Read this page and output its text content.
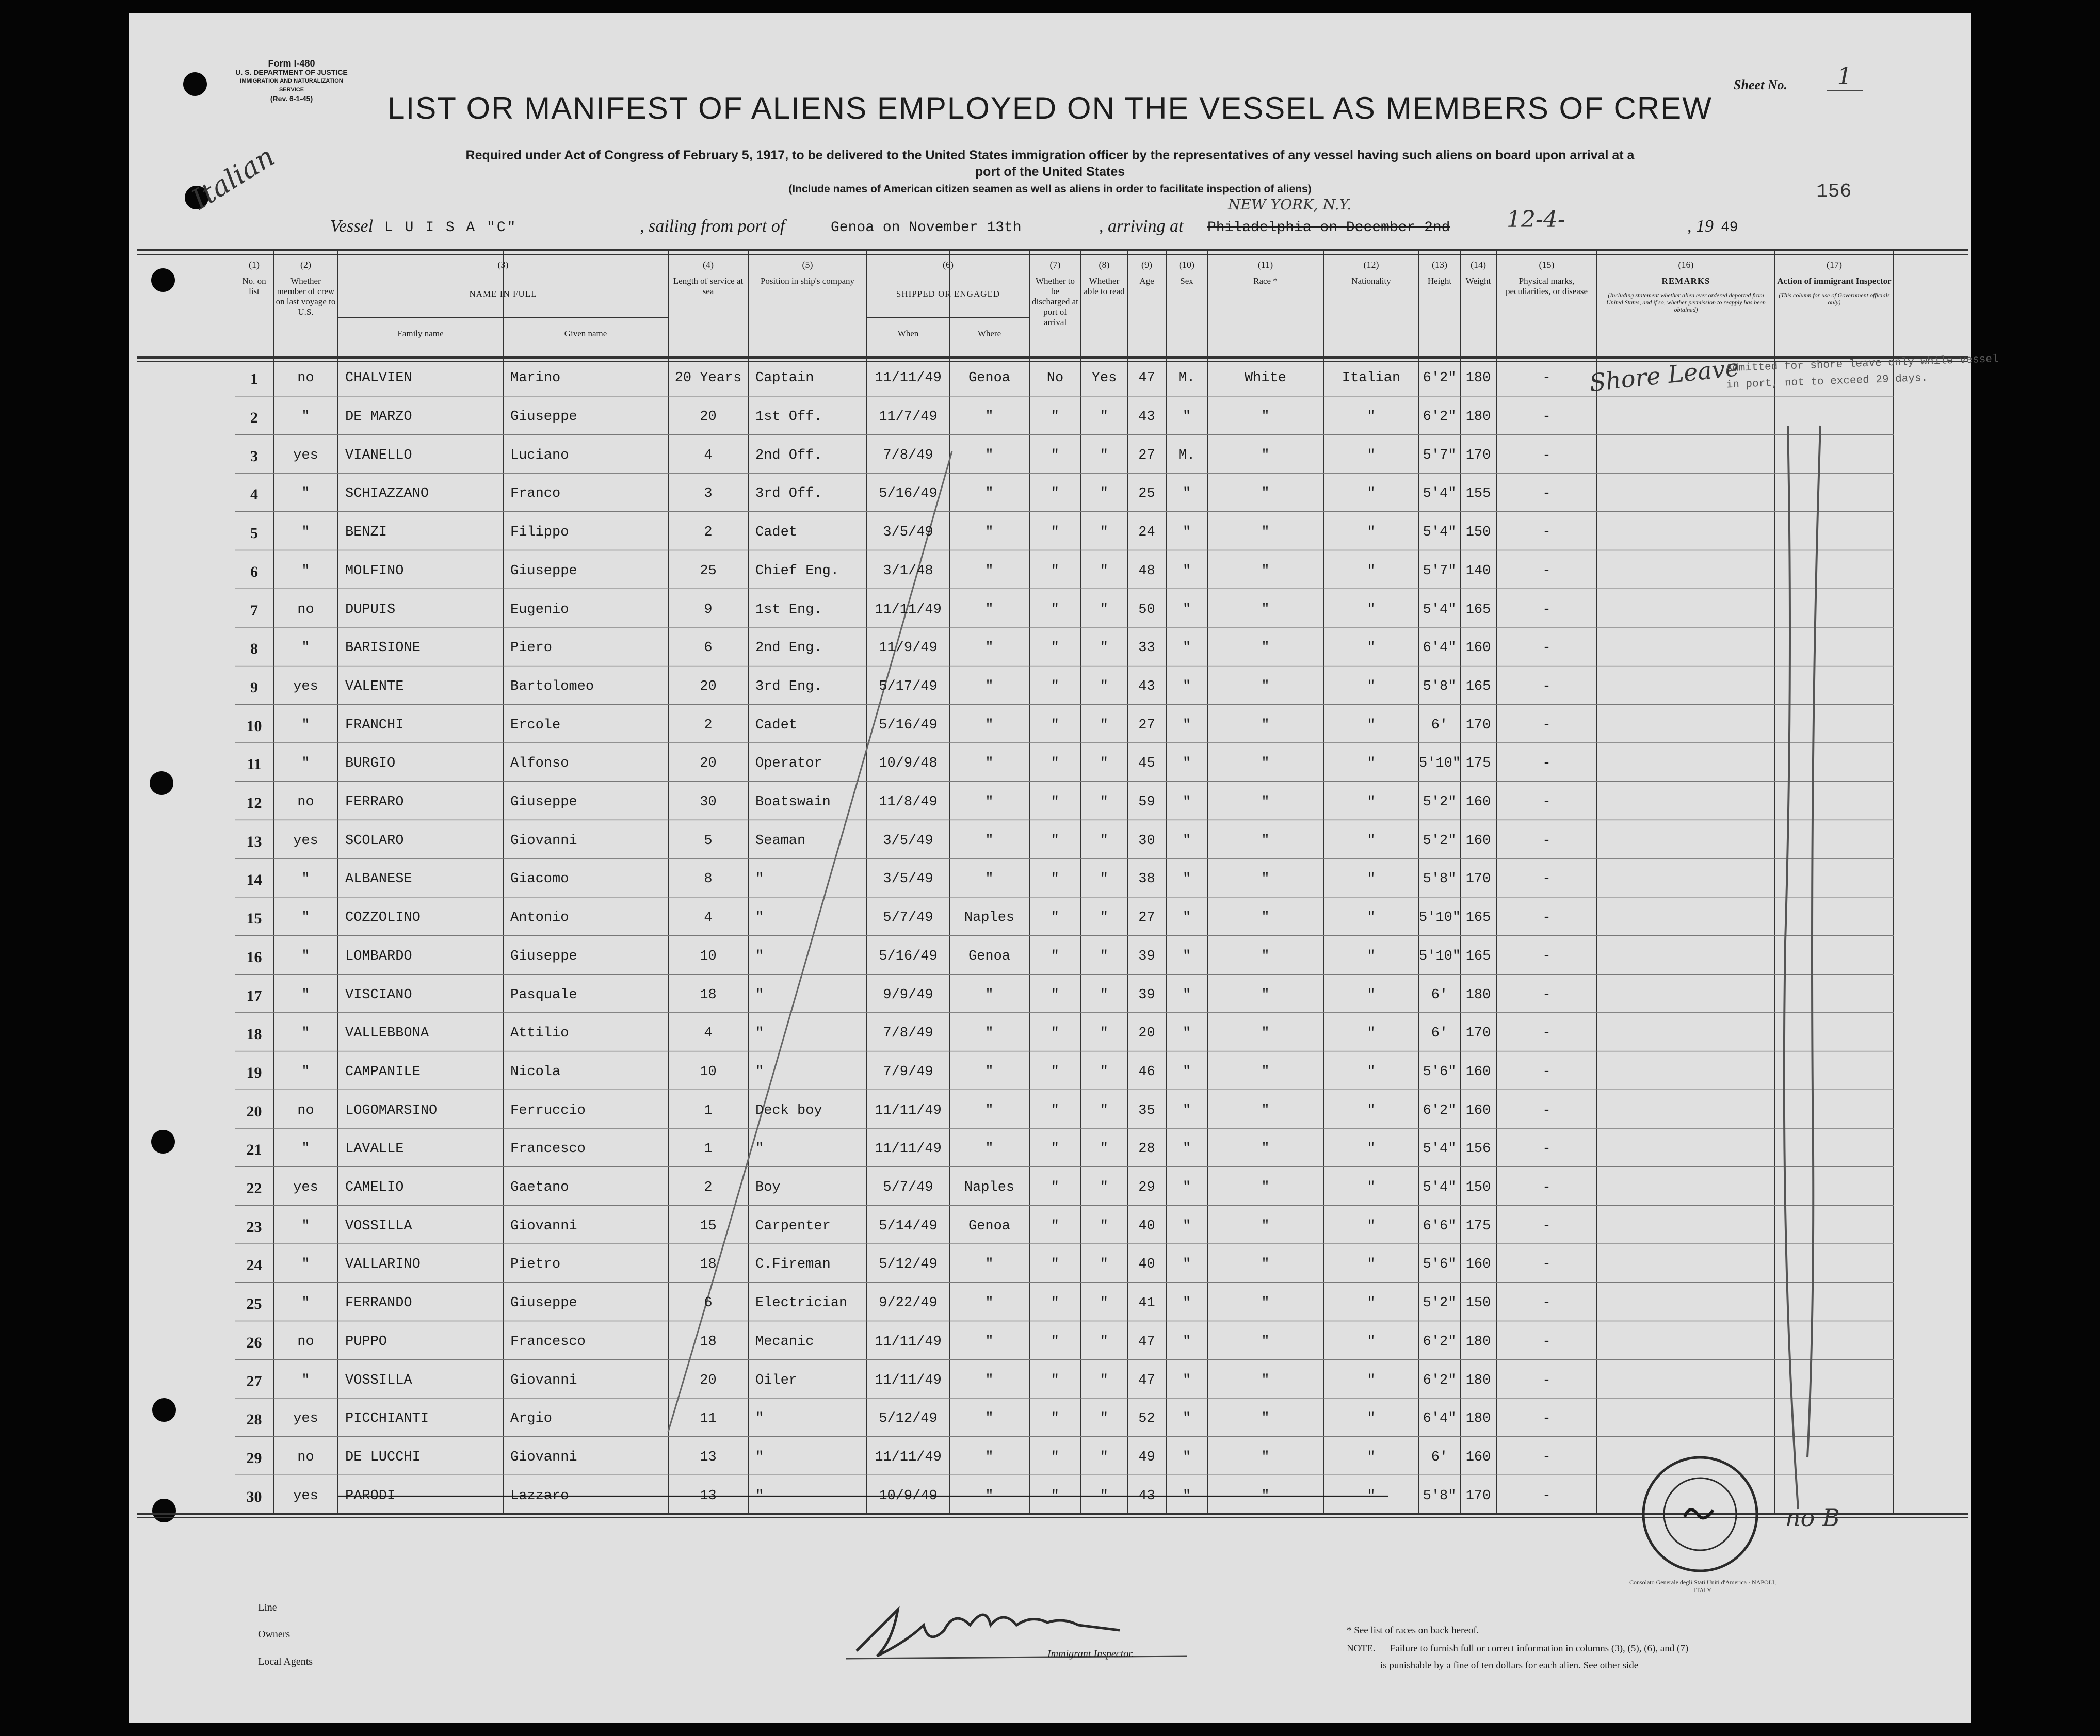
Form I-480
U. S. DEPARTMENT OF JUSTICE
IMMIGRATION AND NATURALIZATION SERVICE
(Rev. 6-1-45)
Sheet No.	1
156
Italian
LIST OR MANIFEST OF ALIENS EMPLOYED ON THE VESSEL AS MEMBERS OF CREW
Required under Act of Congress of February 5, 1917, to be delivered to the United States immigration officer by the representatives of any vessel having such aliens on board upon arrival at a
port of the United States
(Include names of American citizen seamen as well as aliens in order to facilitate inspection of aliens)
Vessel L U I S A "C"	, sailing from port of	Genoa on November 13th	, arriving at Philadelphia on December 2nd
NEW YORK, N.Y.
12-4-	, 19 49
(1)
No. on list
(2)
Whether member of crew on last voyage to U.S.
(3)
NAME IN FULL
Family name	Given name
(4)
Length of service at sea
(5)
Position in ship's company
(6)
SHIPPED OR ENGAGED
When	Where
(7)
Whether to be discharged at port of arrival
(8)
Whether able to read
(9)
Age
(10)
Sex
(11)
Race *
(12)
Nationality
(13)
Height
(14)
Weight
(15)
Physical marks, peculiarities, or disease
(16)
REMARKS
(Including statement whether alien ever ordered deported from United States, and if so, whether permission to reapply has been obtained)
(17)
Action of immigrant Inspector
(This column for use of Government officials only)
1	no	CHALVIEN	Marino	20 Years Captain	11/11/49	Genoa	No	Yes	47	M.	White	Italian	6'2" 180	-
2	"	DE MARZO	Giuseppe	20	1st Off.	11/7/49	"	"	"	43	"	"	"	6'2" 180	-
3	yes	VIANELLO	Luciano	4	2nd Off.	7/8/49	"	"	"	27	M.	"	"	5'7" 170	-
4	"	SCHIAZZANO	Franco	3	3rd Off.	5/16/49	"	"	"	25	"	"	"	5'4" 155	-
5	"	BENZI	Filippo	2	Cadet	3/5/49	"	"	"	24	"	"	"	5'4" 150	-
6	"	MOLFINO	Giuseppe	25	Chief Eng.	3/1/48	"	"	"	48	"	"	"	5'7" 140	-
7	no	DUPUIS	Eugenio	9	1st Eng.	11/11/49	"	"	"	50	"	"	"	5'4" 165	-
8	"	BARISIONE	Piero	6	2nd Eng.	11/9/49	"	"	"	33	"	"	"	6'4" 160	-
9	yes	VALENTE	Bartolomeo	20	3rd Eng.	5/17/49	"	"	"	43	"	"	"	5'8" 165	-
10	"	FRANCHI	Ercole	2	Cadet	5/16/49	"	"	"	27	"	"	"	6'	170	-
11	"	BURGIO	Alfonso	20	Operator	10/9/48	"	"	"	45	"	"	"	5'10" 175	-
12	no	FERRARO	Giuseppe	30	Boatswain	11/8/49	"	"	"	59	"	"	"	5'2" 160	-
13	yes	SCOLARO	Giovanni	5	Seaman	3/5/49	"	"	"	30	"	"	"	5'2" 160	-
14	"	ALBANESE	Giacomo	8	"	3/5/49	"	"	"	38	"	"	"	5'8" 170	-
15	"	COZZOLINO	Antonio	4	"	5/7/49	Naples	"	"	27	"	"	"	5'10" 165	-
16	"	LOMBARDO	Giuseppe	10	"	5/16/49	Genoa	"	"	39	"	"	"	5'10" 165	-
17	"	VISCIANO	Pasquale	18	"	9/9/49	"	"	"	39	"	"	"	6'	180	-
18	"	VALLEBBONA	Attilio	4	"	7/8/49	"	"	"	20	"	"	"	6'	170	-
19	"	CAMPANILE	Nicola	10	"	7/9/49	"	"	"	46	"	"	"	5'6" 160	-
20	no	LOGOMARSINO	Ferruccio	1	Deck boy	11/11/49	"	"	"	35	"	"	"	6'2" 160	-
21	"	LAVALLE	Francesco	1	"	11/11/49	"	"	"	28	"	"	"	5'4" 156	-
22	yes	CAMELIO	Gaetano	2	Boy	5/7/49	Naples	"	"	29	"	"	"	5'4" 150	-
23	"	VOSSILLA	Giovanni	15	Carpenter	5/14/49	Genoa	"	"	40	"	"	"	6'6" 175	-
24	"	VALLARINO	Pietro	18	C.Fireman	5/12/49	"	"	"	40	"	"	"	5'6" 160	-
25	"	FERRANDO	Giuseppe	6	Electrician	9/22/49	"	"	"	41	"	"	"	5'2" 150	-
26	no	PUPPO	Francesco	18	Mecanic	11/11/49	"	"	"	47	"	"	"	6'2" 180	-
27	"	VOSSILLA	Giovanni	20	Oiler	11/11/49	"	"	"	47	"	"	"	6'2" 180	-
28	yes	PICCHIANTI	Argio	11	"	5/12/49	"	"	"	52	"	"	"	6'4" 180	-
29	no	DE LUCCHI	Giovanni	13	"	11/11/49	"	"	"	49	"	"	"	6'	160	-
30	yes	PARODI	Lazzaro	13	"	10/9/49	"	"	"	43	"	"	"	5'8" 170	-
Shore Leave
Admitted for shore leave only while vessel in port, not to exceed 29 days.
no B
Consolato Generale degli Stati Uniti d'America · NAPOLI, ITALY
Line
Owners
Local Agents
Immigrant Inspector.
* See list of races on back hereof.
NOTE. — Failure to furnish full or correct information in columns (3), (5), (6), and (7)
is punishable by a fine of ten dollars for each alien. See other side
